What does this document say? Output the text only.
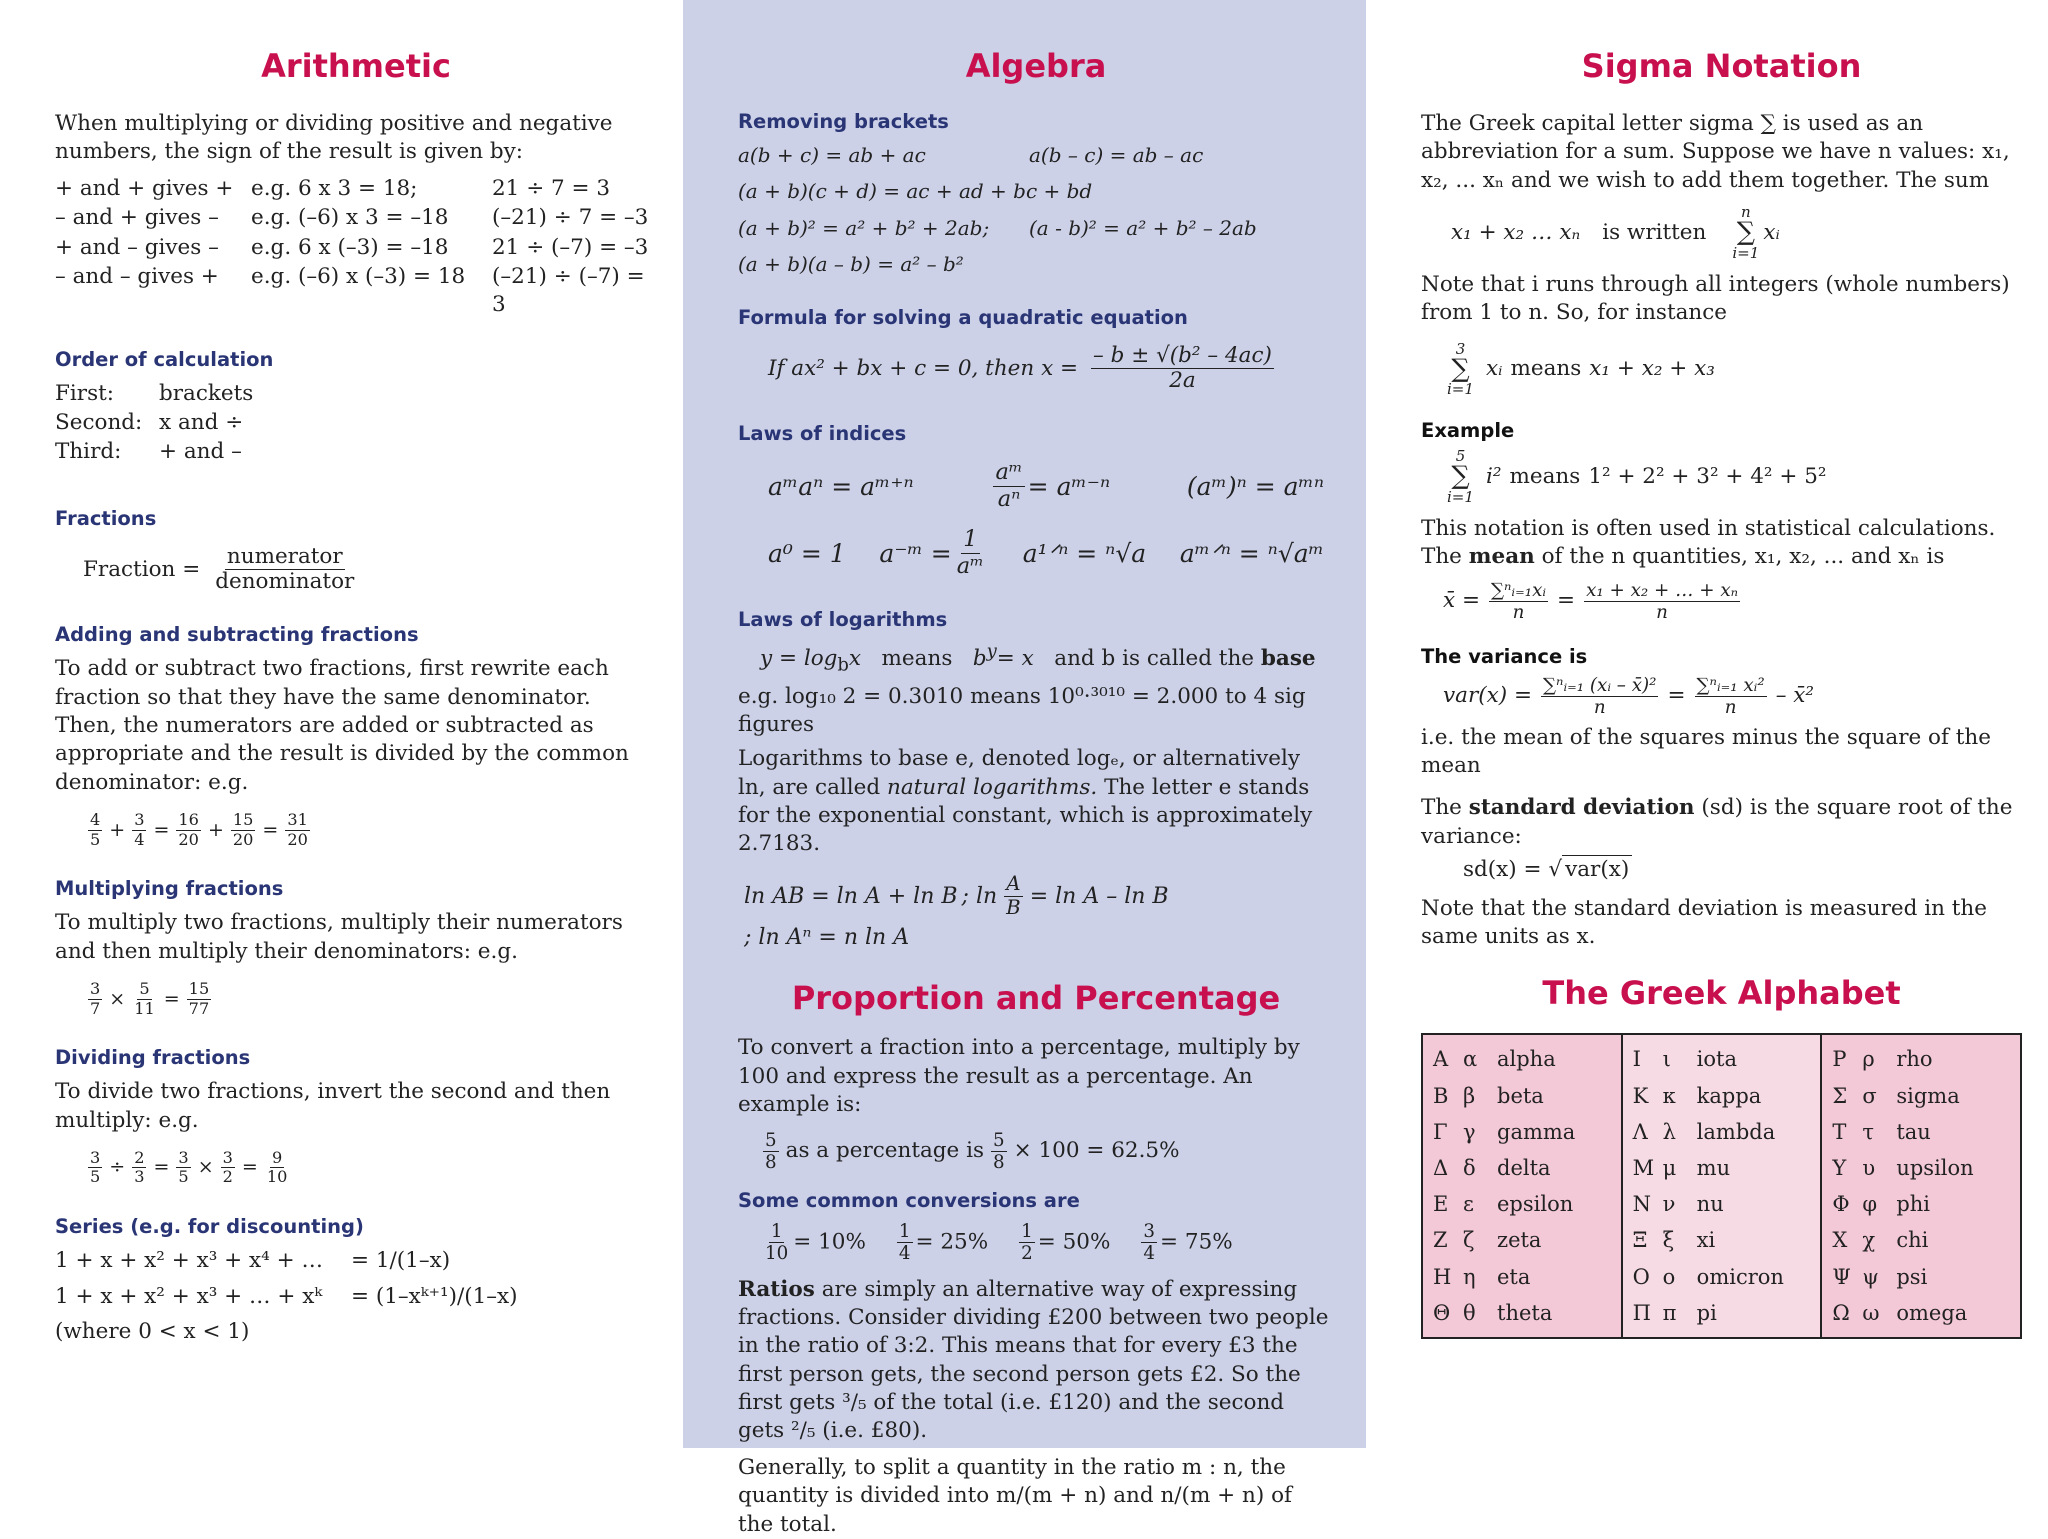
Arithmetic

When multiplying or dividing positive and negative numbers, the sign of the result is given by:

+ and + gives + e.g. 6 x 3 = 18;	21 ÷ 7 = 3
– and + gives –	e.g. (–6) x 3 = –18	(–21) ÷ 7 = –3
+ and – gives –	e.g. 6 x (–3) = –18	21 ÷ (–7) = –3
– and – gives +	e.g. (–6) x (–3) = 18	(–21) ÷ (–7) = 3
Order of calculation
First:	brackets
Second: x and ÷
Third:	+ and –
Fractions
Fraction = $\frac{\text{numerator}}{\text{denominator}}$
Adding and subtracting fractions

To add or subtract two fractions, first rewrite each fraction so that they have the same denominator. Then, the numerators are added or subtracted as appropriate and the result is divided by the common denominator: e.g.

$\frac{4}{5} + \frac{3}{4} = \frac{16}{20} + \frac{15}{20} = \frac{31}{20}$
Multiplying fractions

To multiply two fractions, multiply their numerators and then multiply their denominators: e.g.

$\frac{3}{7} \times \frac{5}{11} = \frac{15}{77}$
Dividing fractions

To divide two fractions, invert the second and then multiply: e.g.

$\frac{3}{5} \div \frac{2}{3} = \frac{3}{5} \times \frac{3}{2} = \frac{9}{10}$
Series (e.g. for discounting)
1 + x + x² + x³ + x⁴ + …	= 1/(1–x)
1 + x + x² + x³ + … + xᵏ	= (1–xᵏ⁺¹)/(1–x)

(where 0 < x < 1)

Algebra
Removing brackets
a(b + c) = ab + ac	a(b – c) = ab – ac
(a + b)(c + d) = ac + ad + bc + bd
(a + b)² = a² + b² + 2ab;	(a - b)² = a² + b² – 2ab
(a + b)(a – b) = a² – b²
Formula for solving a quadratic equation
If ax² + bx + c = 0, then $x = \frac{\text{– b ± √(b² – 4ac)}}{2a}$
Laws of indices
aᵐaⁿ = aᵐ⁺ⁿ	$\frac{\text{aᵐ}}{\text{aⁿ}}$ = aᵐ⁻ⁿ	(aᵐ)ⁿ = aᵐⁿ
a⁰ = 1 a⁻ᵐ = $\frac{1}{\text{aᵐ}}$ a¹ᐟⁿ = ⁿ√a aᵐᐟⁿ = ⁿ√aᵐ
Laws of logarithms

$y = \log_bx$ means $b^y= x$ and b is called the base

e.g. log₁₀ 2 = 0.3010 means 10⁰·³⁰¹⁰ = 2.000 to 4 sig figures

Logarithms to base e, denoted logₑ, or alternatively ln, are called natural logarithms. The letter e stands for the exponential constant, which is approximately 2.7183.

ln AB = ln A + ln B ; $\ln \frac{A}{B} = \ln A - \ln B$
; ln Aⁿ = n ln A
Proportion and Percentage

To convert a fraction into a percentage, multiply by 100 and express the result as a percentage. An example is:

$\frac{5}{8}$ as a percentage is $\frac{5}{8} \times 100 = 62.5\%$
Some common conversions are
$\frac{1}{10} = 10\% \frac{1}{4} = 25\% \frac{1}{2} = 50\% \frac{3}{4} = 75\%$

Ratios are simply an alternative way of expressing fractions. Consider dividing £200 between two people in the ratio of 3:2. This means that for every £3 the first person gets, the second person gets £2. So the first gets ³/₅ of the total (i.e. £120) and the second gets ²/₅ (i.e. £80).

Generally, to split a quantity in the ratio m : n, the quantity is divided into m/(m + n) and n/(m + n) of the total.

Sigma Notation

The Greek capital letter sigma ∑ is used as an abbreviation for a sum. Suppose we have n values: x₁, x₂, ... xₙ and we wish to add them together. The sum

x₁ + x₂ … xₙ is written
n
∑
i=1
xᵢ

Note that i runs through all integers (whole numbers) from 1 to n. So, for instance

3
∑
i=1
xᵢ means x₁ + x₂ + x₃
Example
5
∑
i=1
i² means 1² + 2² + 3² + 4² + 5²

This notation is often used in statistical calculations. The mean of the n quantities, x₁, x₂, ... and xₙ is

x̄ = $\frac{\text{∑ⁿᵢ₌₁xᵢ}}{n} = \frac{\text{x₁ + x₂ + … + xₙ}}{n}$
The variance is
$var(x) = \frac{\text{∑ⁿᵢ₌₁ (xᵢ – x̄)²}}{n} = \frac{\text{∑ⁿᵢ₌₁ xᵢ²}}{n}$ – x̄²

i.e. the mean of the squares minus the square of the mean

The standard deviation (sd) is the square root of the variance:

sd(x) = √ var(x)

Note that the standard deviation is measured in the same units as x.

The Greek Alphabet
Α α alpha
Β β	beta
Γ γ	gamma
Δ δ	delta
Ε ε	epsilon
Ζ ζ	zeta
Η η	eta
Θ θ	theta
Ι	ι	iota
Κ κ kappa
Λ λ lambda
Μ μ mu
Ν ν	nu
Ξ ξ	xi
Ο ο	omicron
Π π pi
Ρ ρ	rho
Σ σ sigma
Τ τ	tau
Υ υ	upsilon
Φ φ phi
Χ χ	chi
Ψ ψ psi
Ω ω omega
